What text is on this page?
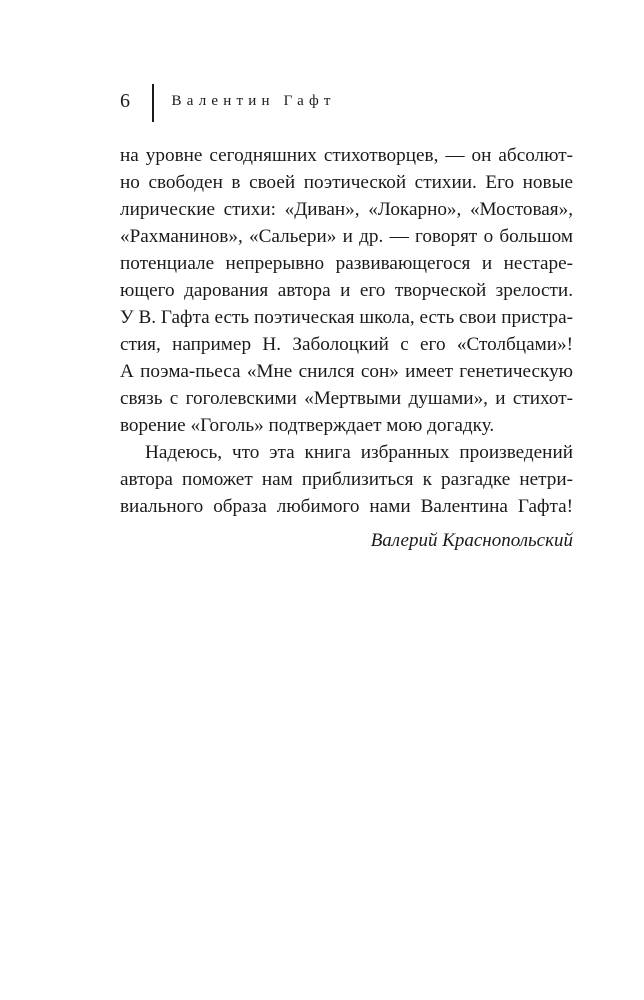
6	Валентин Гафт
на уровне сегодняшних стихотворцев, — он абсолют-
но свободен в своей поэтической стихии. Его новые
лирические стихи: «Диван», «Локарно», «Мостовая»,
«Рахманинов», «Сальери» и др. — говорят о большом
потенциале непрерывно развивающегося и нестаре-
ющего дарования автора и его творческой зрелости.
У В. Гафта есть поэтическая школа, есть свои пристра-
стия, например Н. Заболоцкий с его «Столбцами»!
А поэма-пьеса «Мне снился сон» имеет генетическую
связь с гоголевскими «Мертвыми душами», и стихот-
ворение «Гоголь» подтверждает мою догадку.
Надеюсь, что эта книга избранных произведений
автора поможет нам приблизиться к разгадке нетри-
виального образа любимого нами Валентина Гафта!
Валерий Краснопольский
